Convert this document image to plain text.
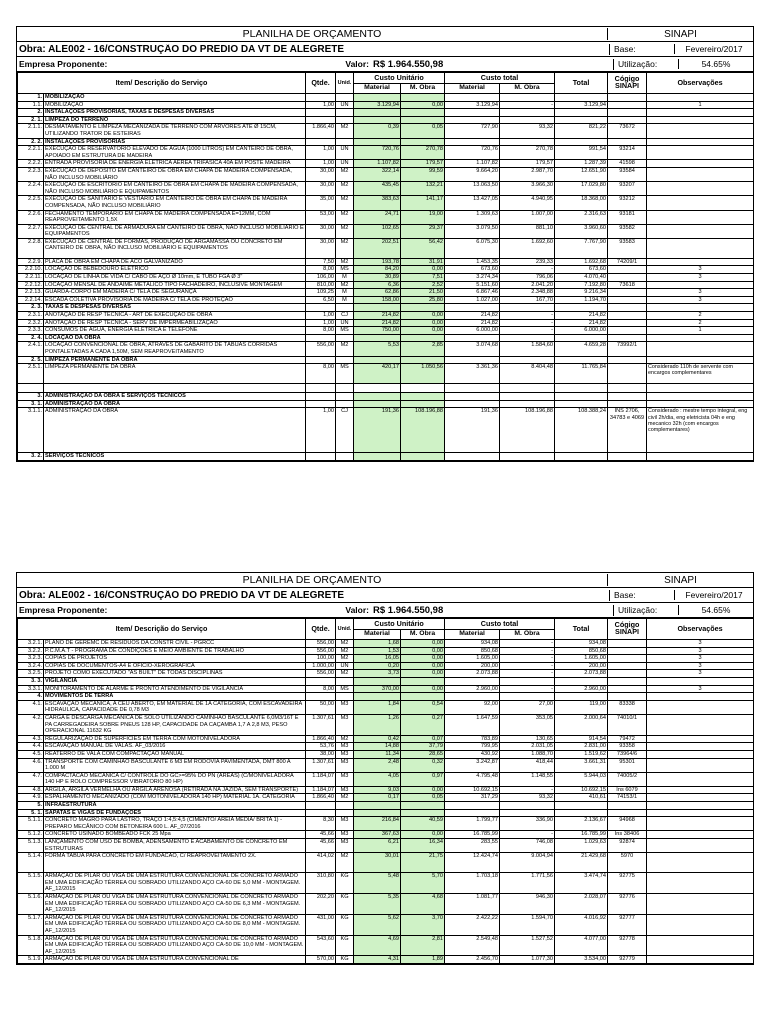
PLANILHA DE ORÇAMENTO	SINAPI
Obra: ALE002 - 16/CONSTRUÇÃO DO PREDIO DA VT DE ALEGRETE	Base:	Fevereiro/2017
Empresa Proponente:	Valor: R$ 1.964.550,98	Utilização:	54.65%
Item/ Descrição do Serviço		Qtde.	Unid.	Custo Unitário		Custo total		Total	Cógigo SINAPI	Observações
				Material	M. Obra	Material	M. Obra			
1.	MOBILIZAÇÃO									
1.1.	MOBILIZAÇÃO	1,00	UN	3.129,94	0,00	3.129,94	-	3.129,94		1
2.	INSTALAÇÕES PROVISÓRIAS, TAXAS E DESPESAS DIVERSAS									
2. 1.	LIMPEZA DO TERRENO									
2.1.1.	DESMATAMENTO E LIMPEZA MECANIZADA DE TERRENO COM ARVORES ATE Ø 15CM, UTILIZANDO TRATOR DE ESTEIRAS	1.866,40	M2	0,39	0,05	727,90	93,32	821,22	73672	
2. 2.	INSTALAÇÕES PROVISÓRIAS									
2.2.1.	EXECUÇÃO DE RESERVATÓRIO ELEVADO DE ÁGUA (1000 LITROS) EM CANTEIRO DE OBRA, APOIADO EM ESTRUTURA DE MADEIRA	1,00	UN	720,76	270,78	720,76	270,78	991,54	93214	
2.2.2.	ENTRADA PROVISORIA DE ENERGIA ELETRICA AEREA TRIFASICA 40A EM POSTE MADEIRA	1,00	UN	1.107,82	179,57	1.107,82	179,57	1.287,39	41598	
2.2.3.	EXECUÇÃO DE DEPÓSITO EM CANTEIRO DE OBRA EM CHAPA DE MADEIRA COMPENSADA, NÃO INCLUSO MOBILIÁRIO	30,00	M2	322,14	99,59	9.664,20	2.987,70	12.651,90	93584	
2.2.4.	EXECUÇÃO DE ESCRITÓRIO EM CANTEIRO DE OBRA EM CHAPA DE MADEIRA COMPENSADA, NÃO INCLUSO MOBILIÁRIO E EQUIPAMENTOS	30,00	M2	435,45	132,21	13.063,50	3.966,30	17.029,80	93207	
2.2.5.	EXECUÇÃO DE SANITÁRIO E VESTIÁRIO EM CANTEIRO DE OBRA EM CHAPA DE MADEIRA COMPENSADA, NÃO INCLUSO MOBILIÁRIO	35,00	M2	383,63	141,17	13.427,05	4.940,95	18.368,00	93212	
2.2.6.	FECHAMENTO TEMPORÁRIO EM CHAPA DE MADEIRA COMPENSADA E=12MM, COM REAPROVEITAMENTO 1,5X	53,00	M2	24,71	19,00	1.309,63	1.007,00	2.316,63	93181	
2.2.7.	EXECUÇÃO DE CENTRAL DE ARMADURA EM CANTEIRO DE OBRA, NÃO INCLUSO MOBILIÁRIO E EQUIPAMENTOS	30,00	M2	102,65	29,37	3.079,50	881,10	3.960,60	93582	
2.2.8.	EXECUÇÃO DE CENTRAL DE FORMAS, PRODUÇÃO DE ARGAMASSA OU CONCRETO EM CANTEIRO DE OBRA, NÃO INCLUSO MOBILIÁRIO E EQUIPAMENTOS	30,00	M2	202,51	56,42	6.075,30	1.692,60	7.767,90	93583	
2.2.9.	PLACA DE OBRA EM CHAPA DE ACO GALVANIZADO	7,50	M2	193,78	31,91	1.453,35	239,33	1.692,68	74209/1	
2.2.10.	LOCAÇÃO DE BEBEDOURO ELÉTRICO	8,00	MS	84,20	0,00	673,60	-	673,60		3
2.2.11.	LOCAÇÃO DE LINHA DE VIDA C/ CABO DE AÇO Ø 10mm, E TUBO FGA Ø 3"	106,00	M	30,89	7,51	3.274,34	796,06	4.070,40		3
2.2.12.	LOCAÇÃO MENSAL DE ANDAIME METÁLICO TIPO FACHADEIRO, INCLUSIVE MONTAGEM	810,00	M2	6,36	2,52	5.151,60	2.041,20	7.192,80	73618	
2.2.13.	GUARDA-CORPO EM MADEIRA C/ TELA DE SEGURANÇA	109,25	M	62,86	21,50	6.867,46	2.348,88	9.216,34		3
2.2.14.	ESCADA COLETIVA PROVISÓRIA DE MADEIRA C/ TELA DE PROTEÇÃO	6,50	M	158,00	25,80	1.027,00	167,70	1.194,70		3
2. 3.	TAXAS E DESPESAS DIVERSAS									
2.3.1.	ANOTAÇÃO DE RESP TECNICA - ART DE EXECUÇÃO DE OBRA	1,00	CJ	214,82	0,00	214,82	-	214,82		2
2.3.2.	ANOTAÇÃO DE RESP TECNICA - SERV DE IMPERMEABILIZAÇÃO	1,00	UN	214,82	0,00	214,82	-	214,82		2
2.3.3.	CONSUMOS DE ÁGUA, ENERGIA ELETRICA E TELEFONE	8,00	MS	750,00	0,00	6.000,00	-	6.000,00		1
2. 4.	LOCAÇÃO DA OBRA									
2.4.1.	LOCAÇÃO CONVENCIONAL DE OBRA, ATRAVÉS DE GABARITO DE TÁBUAS CORRIDAS PONTALETADAS A CADA 1,50M, SEM REAPROVEITAMENTO	556,00	M2	5,53	2,85	3.074,68	1.584,60	4.659,28	73992/1	
2. 5.	LIMPEZA PERMANENTE DA OBRA									
2.5.1.	LIMPEZA PERMANENTE DA OBRA	8,00	MS	420,17	1.050,56	3.361,36	8.404,48	11.765,84		Considerado 110h de servente com encargos complementares

3.	ADMINISTRAÇÃO DA OBRA E SERVIÇOS TÉCNICOS									
3. 1.	ADMINISTRAÇÃO DA OBRA									
3.1.1.	ADMINISTRAÇÃO DA OBRA	1,00	CJ	191,36	108.196,88	191,36	108.196,88	108.388,24	INS 2706, 34783 e 4069	Considerado : mestre tempo integral, eng civil 2h/dia, eng eletricista 04h e eng mecanico 32h (com encargos complementares)
3. 2.	SERVIÇOS TÉCNICOS									
PLANILHA DE ORÇAMENTO	SINAPI
Obra: ALE002 - 16/CONSTRUÇÃO DO PREDIO DA VT DE ALEGRETE	Base:	Fevereiro/2017
Empresa Proponente:	Valor: R$ 1.964.550,98	Utilização:	54.65%
Item/ Descrição do Serviço		Qtde.	Unid.	Custo Unitário		Custo total		Total	Cógigo SINAPI	Observações
				Material	M. Obra	Material	M. Obra			
3.2.1.	PLANO DE GEREMC DE RESÍDUOS DA CONSTR CIVIL - PGRCC	556,00	M2	1,68	0,00	934,08	-	934,08		3
3.2.2.	P.C.M.A.T - PROGRAMA DE CONDIÇÕES E MEIO AMBIENTE DE TRABALHO	556,00	M2	1,53	0,00	850,68	-	850,68		3
3.2.3.	CÓPIAS DE PROJETOS	100,00	M2	16,05	0,00	1.605,00	-	1.605,00		3
3.2.4.	CÓPIAS DE DOCUMENTOS-A4 E OFÍCIO-XEROGRÁFICA	1.000,00	UN	0,20	0,00	200,00	-	200,00		3
3.2.5.	PROJETO COMO EXECUTADO "AS BUILT" DE TODAS DISCIPLINAS	556,00	M2	3,73	0,00	2.073,88	-	2.073,88		3
3. 3.	VIGILÂNCIA									
3.3.1.	MONITORAMENTO DE ALARME E PRONTO ATENDIMENTO DE VIGILÂNCIA	8,00	MS	370,00	0,00	2.960,00	-	2.960,00		3
4.	MOVIMENTOS DE TERRA									
4.1.	ESCAVAÇÃO MECANICA, A CEU ABERTO, EM MATERIAL DE 1A CATEGORIA, COM ESCAVADEIRA HIDRAULICA, CAPACIDADE DE 0,78 M3	50,00	M3	1,84	0,54	92,00	27,00	119,00	83338	
4.2.	CARGA E DESCARGA MECANICA DE SOLO UTILIZANDO CAMINHAO BASCULANTE 6,0M3/16T E PA CARREGADEIRA SOBRE PNEUS 128 HP, CAPACIDADE DA CAÇAMBA 1,7 A 2,8 M3, PESO OPERACIONAL 11632 KG	1.307,61	M3	1,26	0,27	1.647,59	353,05	2.000,64	74010/1	
4.3.	REGULARIZAÇÃO DE SUPERFICIES EM TERRA COM MOTONIVELADORA	1.866,40	M2	0,42	0,07	783,89	130,65	914,54	79472	
4.4.	ESCAVAÇÃO MANUAL DE VALAS. AF_03/2016	53,76	M3	14,88	37,79	799,95	2.031,05	2.831,00	93358	
4.5.	REATERRO DE VALA COM COMPACTAÇÃO MANUAL	38,00	M3	11,34	28,65	430,92	1.088,70	1.519,62	73964/6	
4.6.	TRANSPORTE COM CAMINHÃO BASCULANTE 6 M3 EM RODOVIA PAVIMENTADA, DMT 800 A 1.000 M	1.307,61	M3	2,48	0,32	3.242,87	418,44	3.661,31	95301	
4.7.	COMPACTACAO MECANICA C/ CONTROLE DO GC>=95% DO PN (AREAS) (C/MONIVELADORA 140 HP E ROLO COMPRESSOR VIBRATORIO 80 HP)	1.184,07	M3	4,05	0,97	4.795,48	1.148,55	5.944,03	74005/2	
4.8.	ARGILA, ARGILA VERMELHA OU ARGILA ARENOSA (RETIRADA NA JAZIDA, SEM TRANSPORTE)	1.184,07	M3	9,03	0,00	10.692,15	-	10.692,15	Ins 6079	
4.9.	ESPALHAMENTO MECANIZADO (COM MOTONIVELADORA 140 HP) MATERIAL 1A. CATEGORIA	1.866,40	M2	0,17	0,05	317,29	93,32	410,61	74153/1	
5.	INFRAESTRUTURA									
5. 1.	SAPATAS E VIGAS DE FUNDAÇÕES									
5.1.1.	CONCRETO MAGRO PARA LASTRO, TRAÇO 1:4,5:4,5 (CIMENTO/ AREIA MÉDIA/ BRITA 1) - PREPARO MECÂNICO COM BETONEIRA 600 L. AF_07/2016	8,30	M3	216,84	40,59	1.799,77	336,90	2.136,67	94968	
5.1.2.	CONCRETO USINADO BOMBEADO FCK 25 Mpa	45,66	M3	367,63	0,00	16.785,99	-	16.785,99	Ins 38406	
5.1.3.	LANÇAMENTO COM USO DE BOMBA, ADENSAMENTO E ACABAMENTO DE CONCRETO EM ESTRUTURAS	45,66	M3	6,21	16,34	283,55	746,08	1.029,63	92874	
5.1.4.	FORMA TABUA PARA CONCRETO EM FUNDACAO, C/ REAPROVEITAMENTO 2X.	414,02	M2	30,01	21,75	12.424,74	9.004,94	21.429,68	5970	
5.1.5.	ARMAÇÃO DE PILAR OU VIGA DE UMA ESTRUTURA CONVENCIONAL DE CONCRETO ARMADO EM UMA EDIFICAÇÃO TÉRREA OU SOBRADO UTILIZANDO AÇO CA-60 DE 5,0 MM - MONTAGEM. AF_12/2015	310,80	KG	5,48	5,70	1.703,18	1.771,56	3.474,74	92775	
5.1.6.	ARMAÇÃO DE PILAR OU VIGA DE UMA ESTRUTURA CONVENCIONAL DE CONCRETO ARMADO EM UMA EDIFICAÇÃO TÉRREA OU SOBRADO UTILIZANDO AÇO CA-50 DE 6,3 MM - MONTAGEM. AF_12/2015	202,20	KG	5,35	4,68	1.081,77	946,30	2.028,07	92776	
5.1.7.	ARMAÇÃO DE PILAR OU VIGA DE UMA ESTRUTURA CONVENCIONAL DE CONCRETO ARMADO EM UMA EDIFICAÇÃO TÉRREA OU SOBRADO UTILIZANDO AÇO CA-50 DE 8,0 MM - MONTAGEM. AF_12/2015	431,00	KG	5,62	3,70	2.422,22	1.594,70	4.016,92	92777	
5.1.8.	ARMAÇÃO DE PILAR OU VIGA DE UMA ESTRUTURA CONVENCIONAL DE CONCRETO ARMADO EM UMA EDIFICAÇÃO TÉRREA OU SOBRADO UTILIZANDO AÇO CA-50 DE 10,0 MM - MONTAGEM. AF_12/2015	543,60	KG	4,69	2,81	2.549,48	1.527,52	4.077,00	92778	
5.1.9.	ARMAÇÃO DE PILAR OU VIGA DE UMA ESTRUTURA CONVENCIONAL DE	570,00	KG	4,31	1,89	2.456,70	1.077,30	3.534,00	92779	
